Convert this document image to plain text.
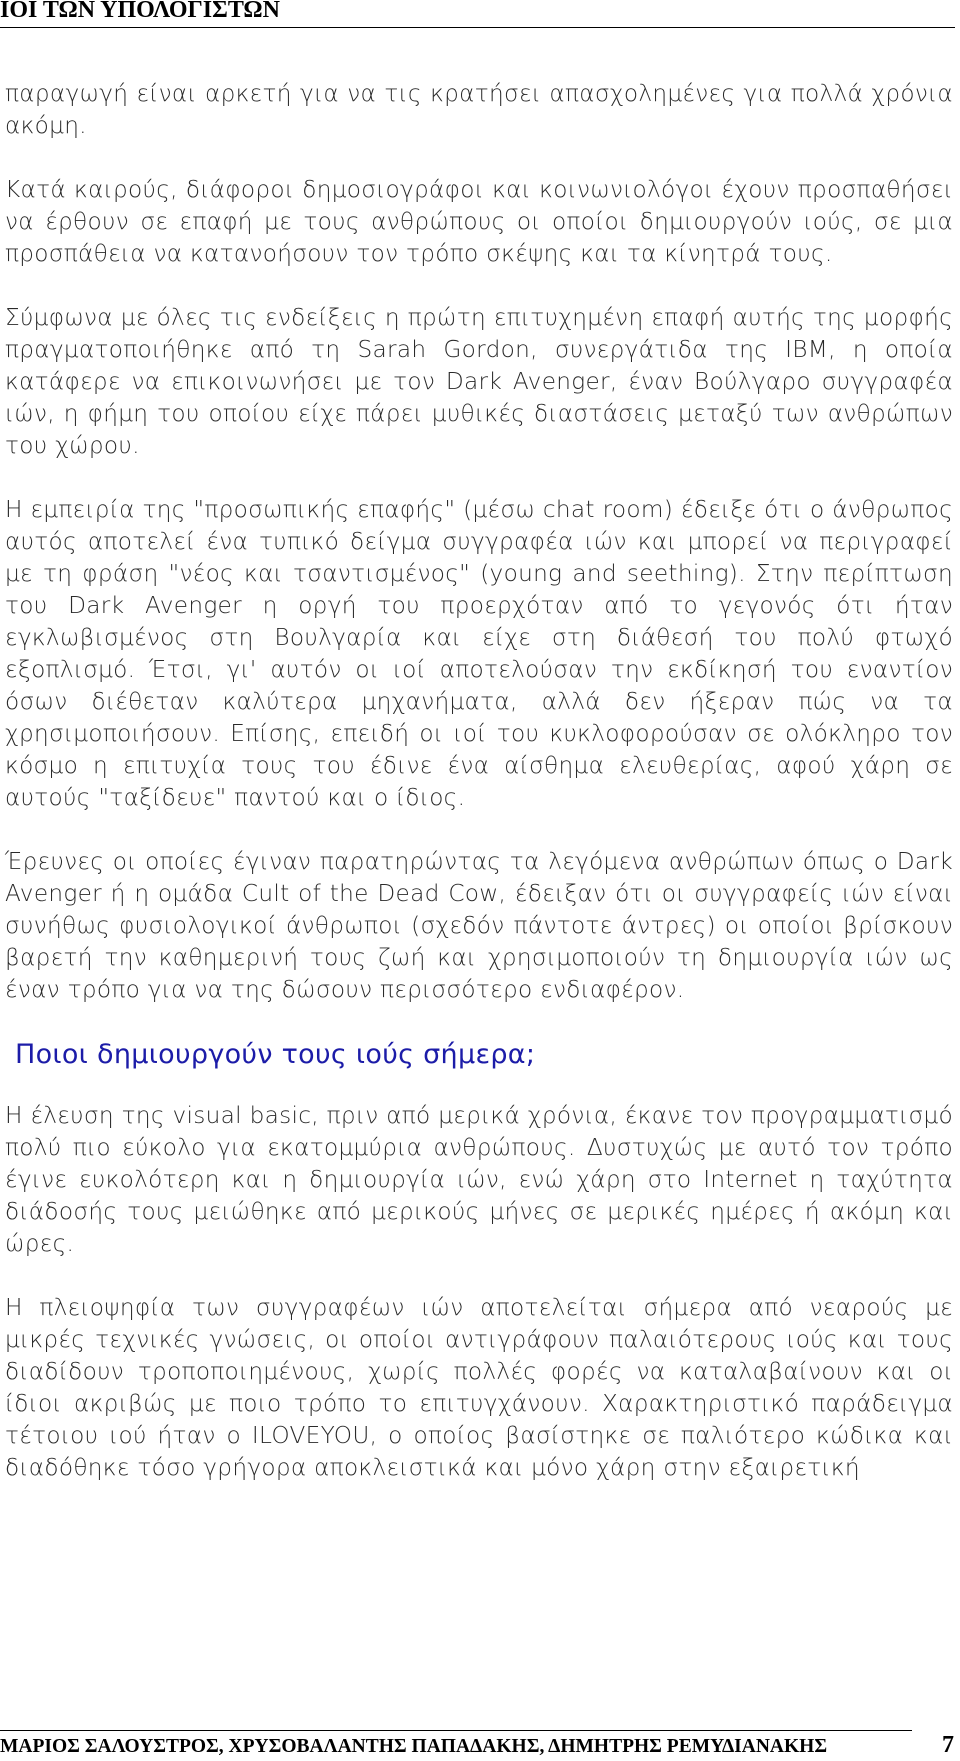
ΙΟΙ ΤΩΝ ΥΠΟΛΟΓΙΣΤΩΝ

παραγωγή είναι αρκετή για να τις κρατήσει απασχολημένες για πολλά χρόνια ακόμη.

Κατά καιρούς, διάφοροι δημοσιογράφοι και κοινωνιολόγοι έχουν προσπαθήσει να έρθουν σε επαφή με τους ανθρώπους οι οποίοι δημιουργούν ιούς, σε μια προσπάθεια να κατανοήσουν τον τρόπο σκέψης και τα κίνητρά τους.

Σύμφωνα με όλες τις ενδείξεις η πρώτη επιτυχημένη επαφή αυτής της μορφής πραγματοποιήθηκε από τη Sarah Gordon, συνεργάτιδα της IBM, η οποία κατάφερε να επικοινωνήσει με τον Dark Avenger, έναν Βούλγαρο συγγραφέα ιών, η φήμη του οποίου είχε πάρει μυθικές διαστάσεις μεταξύ των ανθρώπων του χώρου.

Η εμπειρία της "προσωπικής επαφής" (μέσω chat room) έδειξε ότι ο άνθρωπος αυτός αποτελεί ένα τυπικό δείγμα συγγραφέα ιών και μπορεί να περιγραφεί με τη φράση "νέος και τσαντισμένος" (young and seething). Στην περίπτωση του Dark Avenger η οργή του προερχόταν από το γεγονός ότι ήταν εγκλωβισμένος στη Βουλγαρία και είχε στη διάθεσή του πολύ φτωχό εξοπλισμό. Έτσι, γι' αυτόν οι ιοί αποτελούσαν την εκδίκησή του εναντίον όσων διέθεταν καλύτερα μηχανήματα, αλλά δεν ήξεραν πώς να τα χρησιμοποιήσουν. Επίσης, επειδή οι ιοί του κυκλοφορούσαν σε ολόκληρο τον κόσμο η επιτυχία τους του έδινε ένα αίσθημα ελευθερίας, αφού χάρη σε αυτούς "ταξίδευε" παντού και ο ίδιος.

Έρευνες οι οποίες έγιναν παρατηρώντας τα λεγόμενα ανθρώπων όπως ο Dark Avenger ή η ομάδα Cult of the Dead Cow, έδειξαν ότι οι συγγραφείς ιών είναι συνήθως φυσιολογικοί άνθρωποι (σχεδόν πάντοτε άντρες) οι οποίοι βρίσκουν βαρετή την καθημερινή τους ζωή και χρησιμοποιούν τη δημιουργία ιών ως έναν τρόπο για να της δώσουν περισσότερο ενδιαφέρον.

Ποιοι δημιουργούν τους ιούς σήμερα;

Η έλευση της visual basic, πριν από μερικά χρόνια, έκανε τον προγραμματισμό πολύ πιο εύκολο για εκατομμύρια ανθρώπους. Δυστυχώς με αυτό τον τρόπο έγινε ευκολότερη και η δημιουργία ιών, ενώ χάρη στο Internet η ταχύτητα διάδοσής τους μειώθηκε από μερικούς μήνες σε μερικές ημέρες ή ακόμη και ώρες.

Η πλειοψηφία των συγγραφέων ιών αποτελείται σήμερα από νεαρούς με μικρές τεχνικές γνώσεις, οι οποίοι αντιγράφουν παλαιότερους ιούς και τους διαδίδουν τροποποιημένους, χωρίς πολλές φορές να καταλαβαίνουν και οι ίδιοι ακριβώς με ποιο τρόπο το επιτυγχάνουν. Χαρακτηριστικό παράδειγμα τέτοιου ιού ήταν ο ILOVEYOU, ο οποίος βασίστηκε σε παλιότερο κώδικα και διαδόθηκε τόσο γρήγορα αποκλειστικά και μόνο χάρη στην εξαιρετική

ΜΑΡΙΟΣ ΣΑΛΟΥΣΤΡΟΣ, ΧΡΥΣΟΒΑΛΑΝΤΗΣ ΠΑΠΑΔΑΚΗΣ, ΔΗΜΗΤΡΗΣ ΡΕΜΥΔΙΑΝΑΚΗΣ	7
